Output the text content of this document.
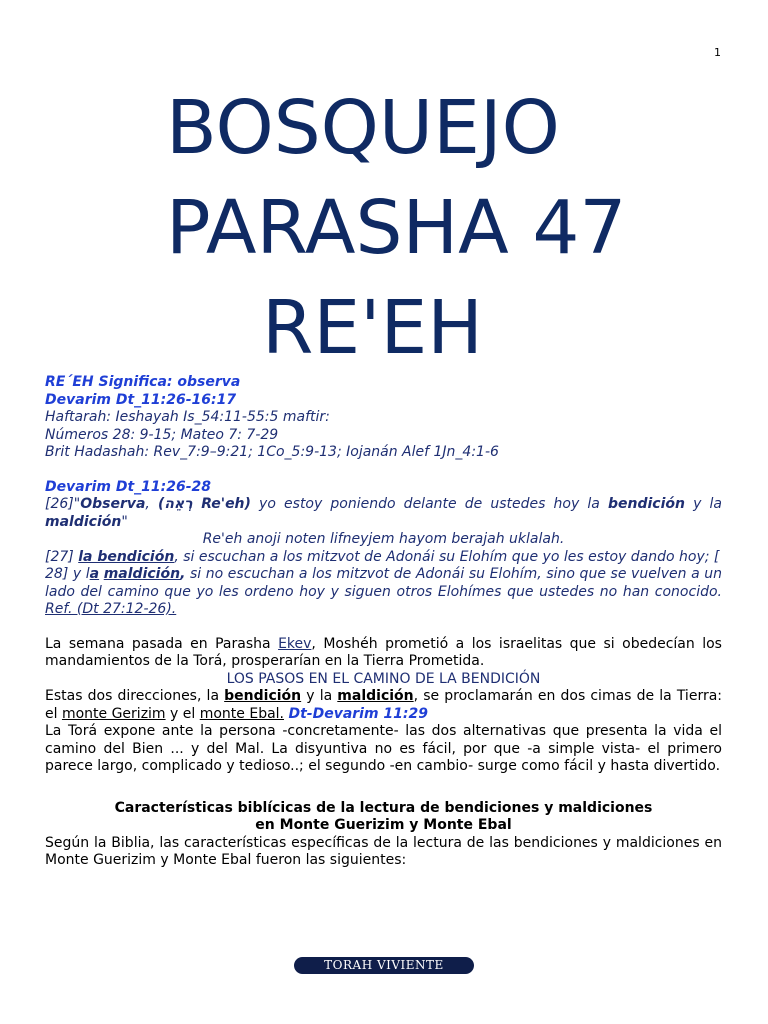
1
BOSQUEJO
PARASHA 47
RE'EH
RE´EH Significa: observa
Devarim Dt_11:26-16:17
Haftarah: Ieshayah Is_54:11-55:5 maftir:
Números 28: 9-15; Mateo 7: 7-29
Brit Hadashah: Rev_7:9–9:21; 1Co_5:9-13; Iojanán Alef 1Jn_4:1-6
Devarim Dt_11:26-28
[26]"Observa, (רְאֵה Re'eh) yo estoy poniendo delante de ustedes hoy la bendición y la maldición"
Re'eh anoji noten lifneyjem hayom berajah uklalah.
[27] la bendición, si escuchan a los mitzvot de Adonái su Elohím que yo les estoy dando hoy; [
28] y la maldición, si no escuchan a los mitzvot de Adonái su Elohím, sino que se vuelven a un lado del camino que yo les ordeno hoy y siguen otros Elohímes que ustedes no han conocido. Ref. (Dt 27:12-26).
La semana pasada en Parasha Ekev, Moshéh prometió a los israelitas que si obedecían los mandamientos de la Torá, prosperarían en la Tierra Prometida.
LOS PASOS EN EL CAMINO DE LA BENDICIÓN
Estas dos direcciones, la bendición y la maldición, se proclamarán en dos cimas de la Tierra: el monte Gerizim y el monte Ebal. Dt-Devarim 11:29
La Torá expone ante la persona -concretamente- las dos alternativas que presenta la vida el camino del Bien ... y del Mal. La disyuntiva no es fácil, por que -a simple vista- el primero parece largo, complicado y tedioso..; el segundo -en cambio- surge como fácil y hasta divertido.
Características biblícicas de la lectura de bendiciones y maldiciones
en Monte Guerizim y Monte Ebal
Según la Biblia, las características específicas de la lectura de las bendiciones y maldiciones en Monte Guerizim y Monte Ebal fueron las siguientes:
TORAH VIVIENTE
